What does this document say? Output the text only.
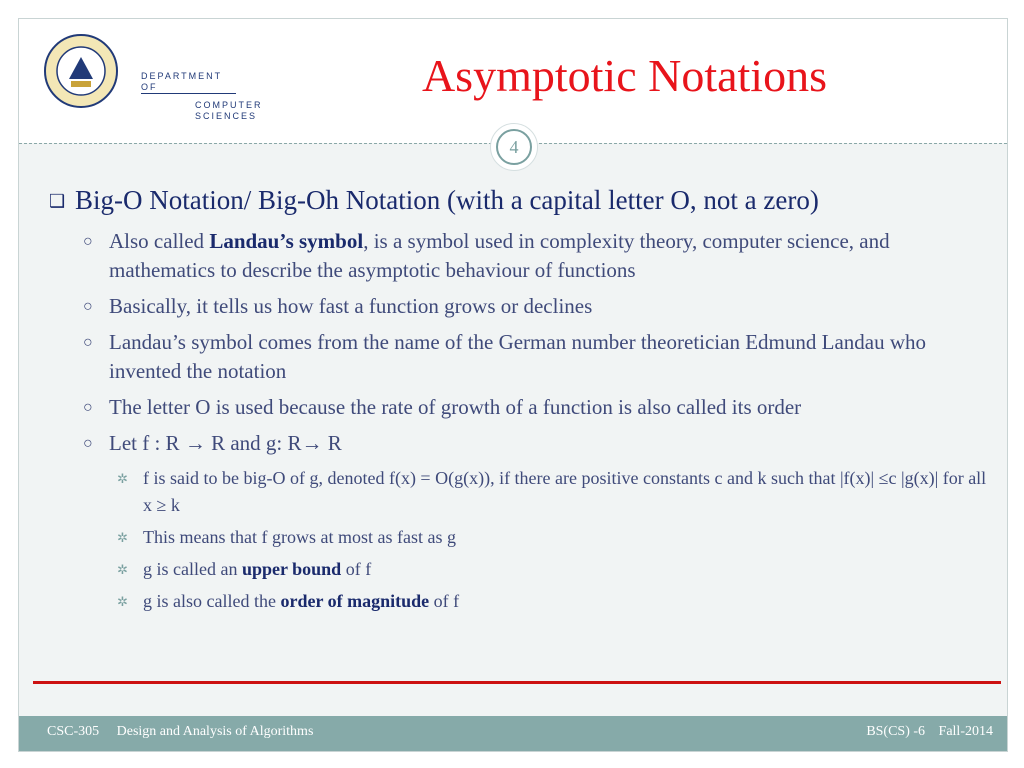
DEPARTMENT OF
COMPUTER
SCIENCES
Asymptotic Notations
4
❑ Big-O Notation/ Big-Oh Notation (with a capital letter O, not a zero)
○ Also called Landau’s symbol, is a symbol used in complexity theory, computer science, and mathematics to describe the asymptotic behaviour of functions
○ Basically, it tells us how fast a function grows or declines
○ Landau’s symbol comes from the name of the German number theoretician Edmund Landau who invented the notation
○ The letter O is used because the rate of growth of a function is also called its order
○ Let f : R → R and g: R→ R
✲ f is said to be big-O of g, denoted f(x) = O(g(x)), if there are positive constants c and k such that |f(x)| ≤c |g(x)| for all x ≥ k
✲ This means that f grows at most as fast as g
✲ g is called an upper bound of f
✲ g is also called the order of magnitude of f
CSC-305 Design and Analysis of Algorithms	BS(CS) -6 Fall-2014
